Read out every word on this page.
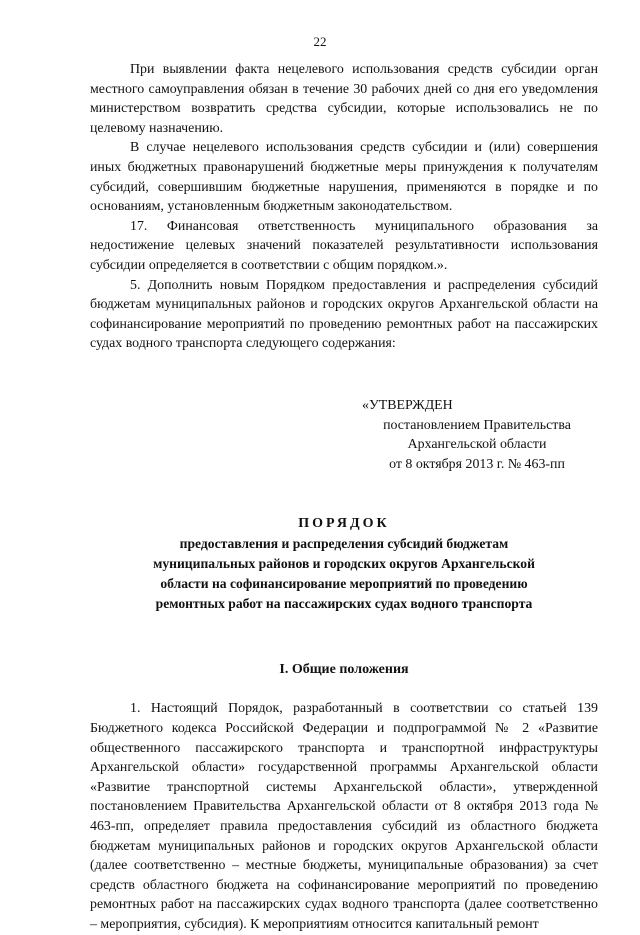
22

При выявлении факта нецелевого использования средств субсидии орган местного самоуправления обязан в течение 30 рабочих дней со дня его уведомления министерством возвратить средства субсидии, которые использовались не по целевому назначению.

В случае нецелевого использования средств субсидии и (или) совершения иных бюджетных правонарушений бюджетные меры принуждения к получателям субсидий, совершившим бюджетные нарушения, применяются в порядке и по основаниям, установленным бюджетным законодательством.

17. Финансовая ответственность муниципального образования за недостижение целевых значений показателей результативности использования субсидии определяется в соответствии с общим порядком.».

5. Дополнить новым Порядком предоставления и распределения субсидий бюджетам муниципальных районов и городских округов Архангельской области на софинансирование мероприятий по проведению ремонтных работ на пассажирских судах водного транспорта следующего содержания:

«УТВЕРЖДЕН
постановлением Правительства
Архангельской области
от 8 октября 2013 г. № 463-пп
ПОРЯДОК
предоставления и распределения субсидий бюджетам
муниципальных районов и городских округов Архангельской
области на софинансирование мероприятий по проведению
ремонтных работ на пассажирских судах водного транспорта
I. Общие положения

1. Настоящий Порядок, разработанный в соответствии со статьей 139 Бюджетного кодекса Российской Федерации и подпрограммой № 2 «Развитие общественного пассажирского транспорта и транспортной инфраструктуры Архангельской области» государственной программы Архангельской области «Развитие транспортной системы Архангельской области», утвержденной постановлением Правительства Архангельской области от 8 октября 2013 года № 463-пп, определяет правила предоставления субсидий из областного бюджета бюджетам муниципальных районов и городских округов Архангельской области (далее соответственно – местные бюджеты, муниципальные образования) за счет средств областного бюджета на софинансирование мероприятий по проведению ремонтных работ на пассажирских судах водного транспорта (далее соответственно – мероприятия, субсидия). К мероприятиям относится капитальный ремонт
